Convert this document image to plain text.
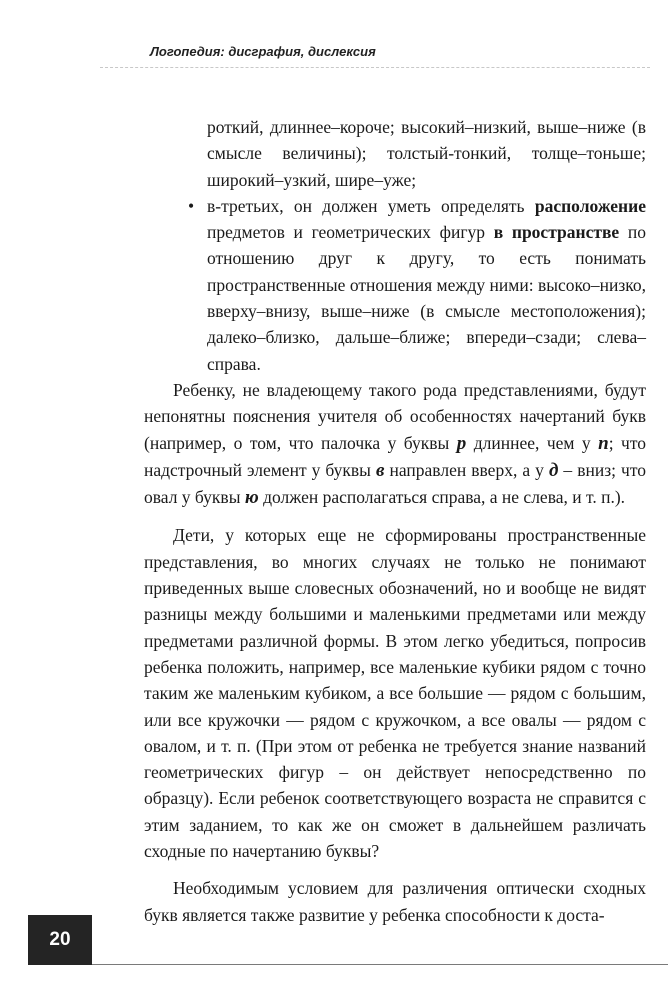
Логопедия: дисграфия, дислексия

роткий, длиннее–короче; высокий–низкий, выше–ниже (в смысле величины); толстый-тонкий, толще–тоньше; широкий–узкий, шире–уже;

• в-третьих, он должен уметь определять расположение предметов и геометрических фигур в пространстве по отношению друг к другу, то есть понимать пространственные отношения между ними: высоко–низко, вверху–внизу, выше–ниже (в смысле местоположения); далеко–близко, дальше–ближе; впереди–сзади; слева–справа.

Ребенку, не владеющему такого рода представлениями, будут непонятны пояснения учителя об особенностях начертаний букв (например, о том, что палочка у буквы р длиннее, чем у п; что надстрочный элемент у буквы в направлен вверх, а у д – вниз; что овал у буквы ю должен располагаться справа, а не слева, и т. п.).

Дети, у которых еще не сформированы пространственные представления, во многих случаях не только не понимают приведенных выше словесных обозначений, но и вообще не видят разницы между большими и маленькими предметами или между предметами различной формы. В этом легко убедиться, попросив ребенка положить, например, все маленькие кубики рядом с точно таким же маленьким кубиком, а все большие — рядом с большим, или все кружочки — рядом с кружочком, а все овалы — рядом с овалом, и т. п. (При этом от ребенка не требуется знание названий геометрических фигур – он действует непосредственно по образцу). Если ребенок соответствующего возраста не справится с этим заданием, то как же он сможет в дальнейшем различать сходные по начертанию буквы?

Необходимым условием для различения оптически сходных букв является также развитие у ребенка способности к доста-

20
